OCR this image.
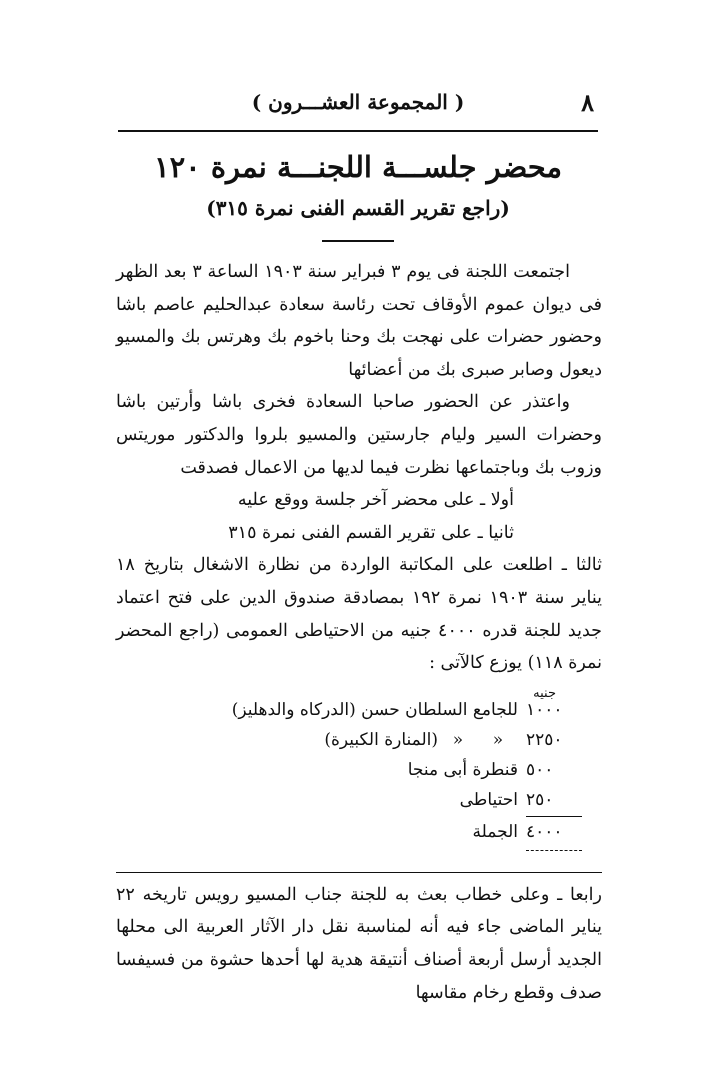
٨
( المجموعة العشـــرون )
محضر جلســـة اللجنـــة نمرة ١٢٠
(راجع تقرير القسم الفنى نمرة ٣١٥)

اجتمعت اللجنة فى يوم ٣ فبراير سنة ١٩٠٣ الساعة ٣ بعد الظهر فى ديوان عموم الأوقاف تحت رئاسة سعادة عبدالحليم عاصم باشا وحضور حضرات على نهجت بك وحنا باخوم بك وهرتس بك والمسيو ديعول وصابر صبرى بك من أعضائها

واعتذر عن الحضور صاحبا السعادة فخرى باشا وأرتين باشا وحضرات السير وليام جارستين والمسيو بلروا والدكتور موريتس وزوب بك وباجتماعها نظرت فيما لديها من الاعمال فصدقت

أولا ـ على محضر آخر جلسة ووقع عليه

ثانيا ـ على تقرير القسم الفنى نمرة ٣١٥

ثالثا ـ اطلعت على المكاتبة الواردة من نظارة الاشغال بتاريخ ١٨ يناير سنة ١٩٠٣ نمرة ١٩٢ بمصادقة صندوق الدين على فتح اعتماد جديد للجنة قدره ٤٠٠٠ جنيه من الاحتياطى العمومى (راجع المحضر نمرة ١١٨) يوزع كالآتى :

جنيه
١٠٠٠
للجامع السلطان حسن (الدركاه والدهليز)
٢٢٥٠
«
«
(المنارة الكبيرة)
٥٠٠
قنطرة أبى منجا
٢٥٠
احتياطى
٤٠٠٠
الجملة

رابعا ـ وعلى خطاب بعث به للجنة جناب المسيو رويس تاريخه ٢٢ يناير الماضى جاء فيه أنه لمناسبة نقل دار الآثار العربية الى محلها الجديد أرسل أربعة أصناف أنتيقة هدية لها أحدها حشوة من فسيفسا صدف وقطع رخام مقاسها
